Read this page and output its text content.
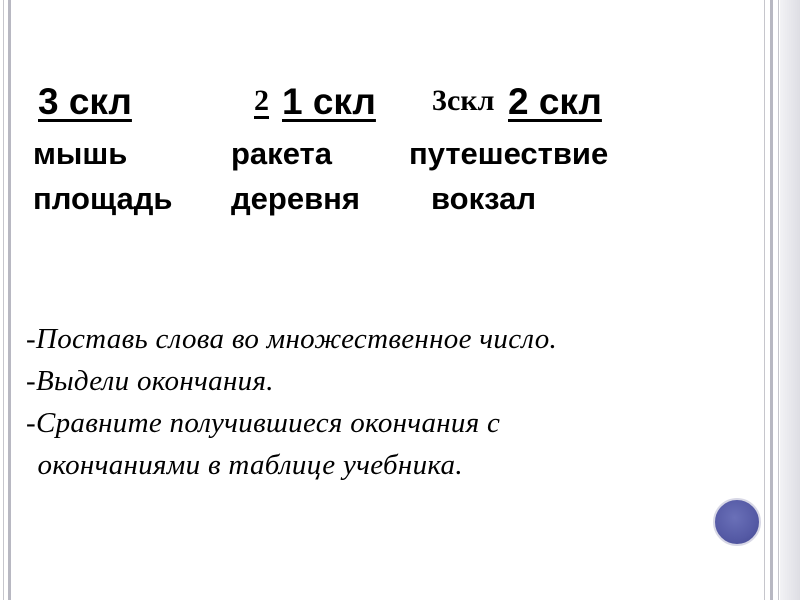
3 скл	2 1 скл 3скл 2 скл
мышь
площадь
ракета
деревня
путешествие
вокзал
-Поставь слова во множественное число.
-Выдели окончания.
-Сравните получившиеся окончания с
окончаниями в таблице учебника.
